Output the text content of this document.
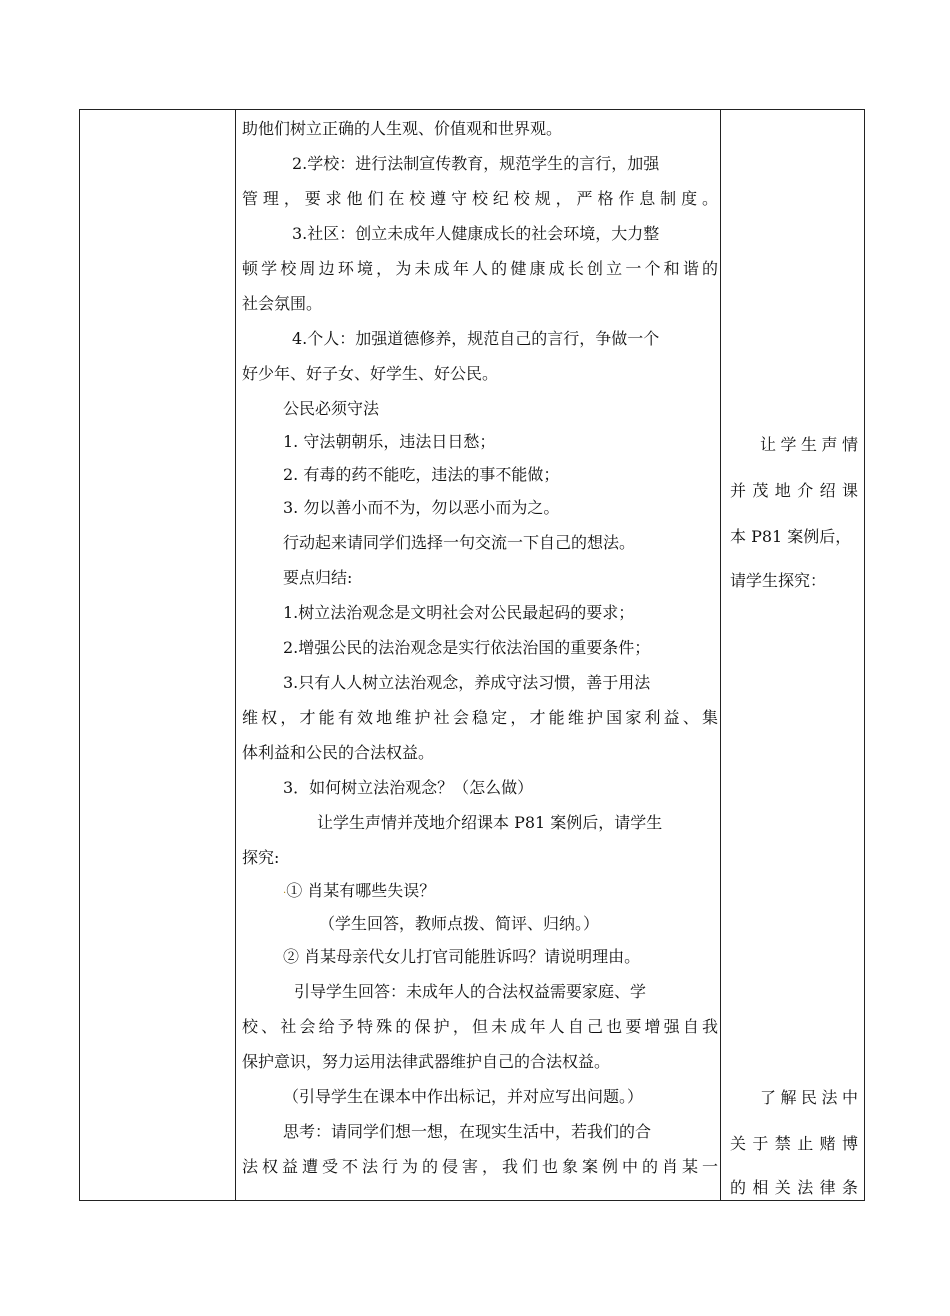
助他们树立正确的人生观、价值观和世界观。
2.学校：进行法制宣传教育，规范学生的言行，加强
管理，要求他们在校遵守校纪校规，严格作息制度。
3.社区：创立未成年人健康成长的社会环境，大力整
顿学校周边环境，为未成年人的健康成长创立一个和谐的
社会氛围。
4.个人：加强道德修养，规范自己的言行，争做一个
好少年、好子女、好学生、好公民。
公民必须守法
1. 守法朝朝乐，违法日日愁；
2. 有毒的药不能吃，违法的事不能做；
3. 勿以善小而不为，勿以恶小而为之。
行动起来请同学们选择一句交流一下自己的想法。
要点归结:
1.树立法治观念是文明社会对公民最起码的要求；
2.增强公民的法治观念是实行依法治国的重要条件；
3.只有人人树立法治观念，养成守法习惯，善于用法
维权，才能有效地维护社会稳定，才能维护国家利益、集
体利益和公民的合法权益。
3．如何树立法治观念？（怎么做）
让学生声情并茂地介绍课本 P81 案例后，请学生
探究:
·① 肖某有哪些失误？
（学生回答，教师点拨、简评、归纳。）
② 肖某母亲代女儿打官司能胜诉吗？请说明理由。
引导学生回答：未成年人的合法权益需要家庭、学
校、社会给予特殊的保护，但未成年人自己也要增强自我
保护意识，努力运用法律武器维护自己的合法权益。
（引导学生在课本中作出标记，并对应写出问题。）
思考：请同学们想一想，在现实生活中，若我们的合
法权益遭受不法行为的侵害，我们也象案例中的肖某一
让学生声情
并茂地介绍课
本 P81 案例后，
请学生探究：
了解民法中
关于禁止赌博
的相关法律条
